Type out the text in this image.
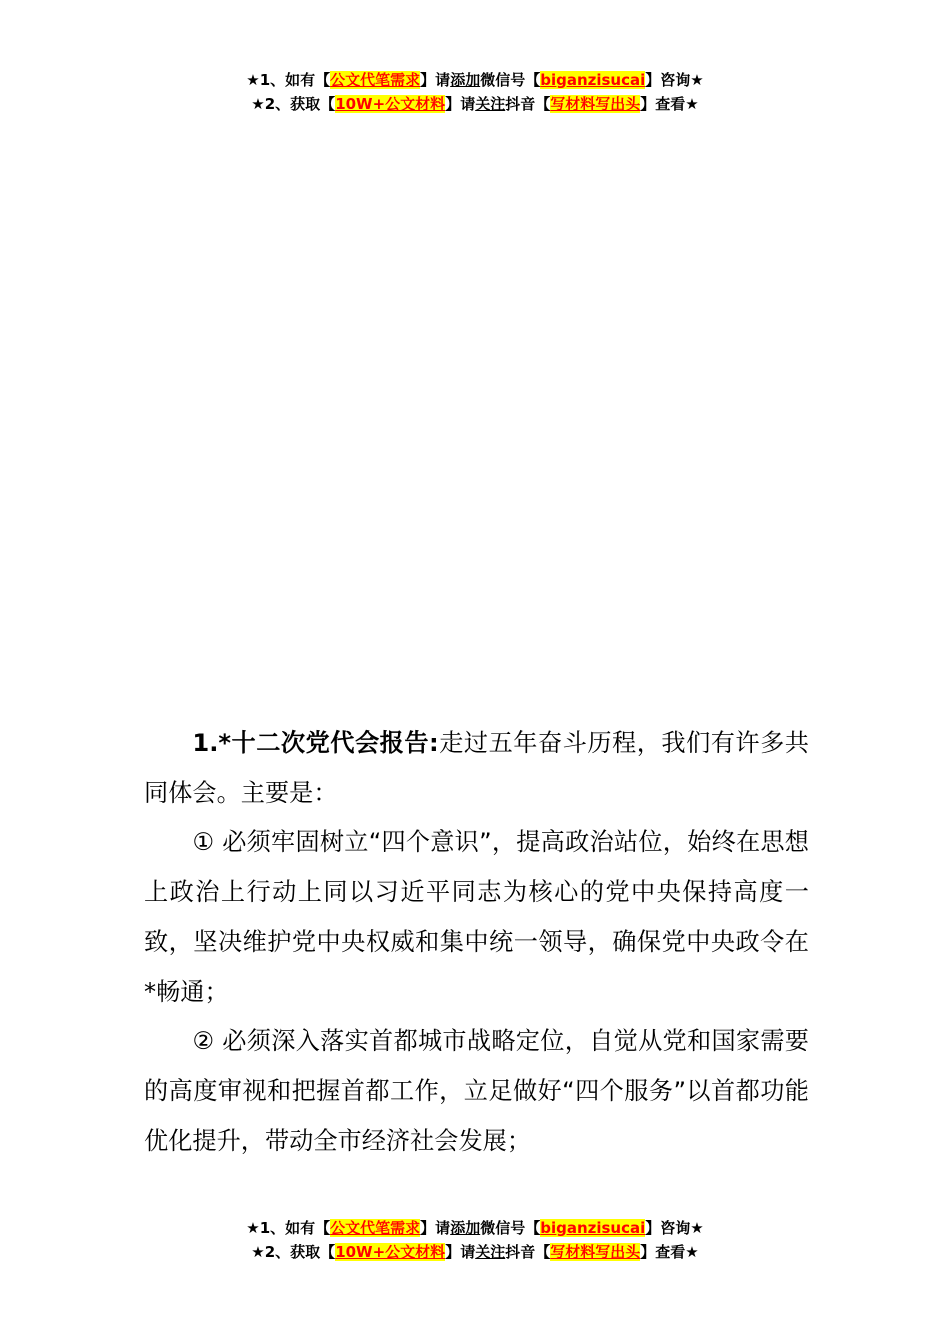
★1、如有【公文代笔需求】请添加微信号【biganzisucai】咨询★
★2、获取【10W+公文材料】请关注抖音【写材料写出头】查看★

1.*十二次党代会报告:走过五年奋斗历程，我们有许多共同体会。主要是：

① 必须牢固树立“四个意识”，提高政治站位，始终在思想上政治上行动上同以习近平同志为核心的党中央保持高度一致，坚决维护党中央权威和集中统一领导，确保党中央政令在*畅通；

② 必须深入落实首都城市战略定位，自觉从党和国家需要的高度审视和把握首都工作，立足做好“四个服务”以首都功能优化提升，带动全市经济社会发展；

★1、如有【公文代笔需求】请添加微信号【biganzisucai】咨询★
★2、获取【10W+公文材料】请关注抖音【写材料写出头】查看★
